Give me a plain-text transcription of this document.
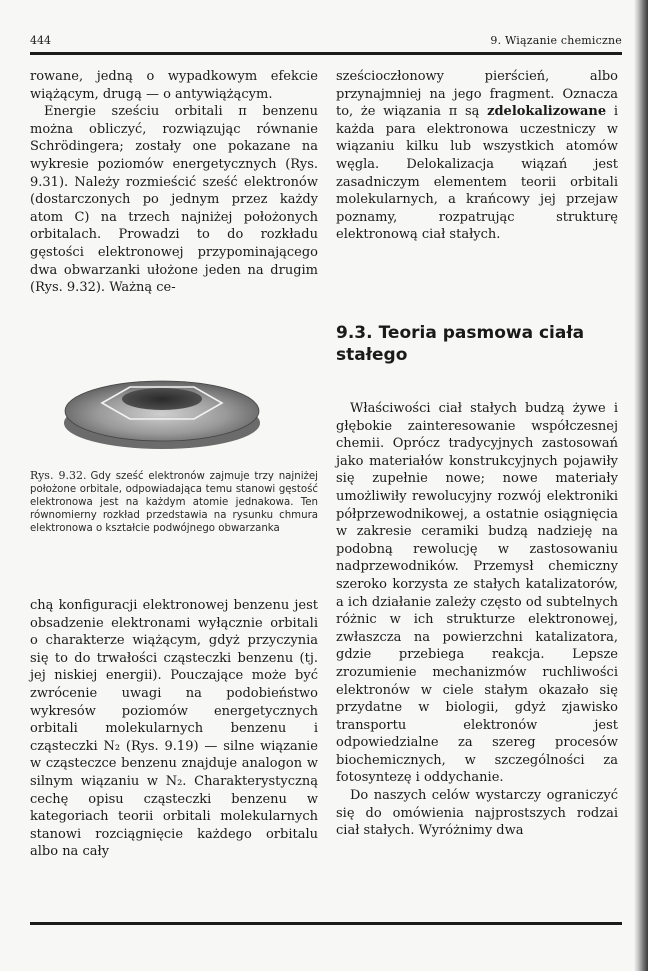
444	9. Wiązanie chemiczne

rowane, jedną o wypadkowym efekcie wiążącym, drugą — o antywiążącym.

Energie sześciu orbitali π benzenu można obliczyć, rozwiązując równanie Schrödingera; zostały one pokazane na wykresie poziomów energetycznych (Rys. 9.31). Należy rozmieścić sześć elektronów (dostarczonych po jednym przez każdy atom C) na trzech najniżej położonych orbitalach. Prowadzi to do rozkładu gęstości elektronowej przypominającego dwa obwarzanki ułożone jeden na drugim (Rys. 9.32). Ważną ce-

Rys. 9.32. Gdy sześć elektronów zajmuje trzy najniżej położone orbitale, odpowiadająca temu stanowi gęstość elektronowa jest na każdym atomie jednakowa. Ten równomierny rozkład przedstawia na rysunku chmura elektronowa o kształcie podwójnego obwarzanka

chą konfiguracji elektronowej benzenu jest obsadzenie elektronami wyłącznie orbitali o charakterze wiążącym, gdyż przyczynia się to do trwałości cząsteczki benzenu (tj. jej niskiej energii). Pouczające może być zwrócenie uwagi na podobieństwo wykresów poziomów energetycznych orbitali molekularnych benzenu i cząsteczki N₂ (Rys. 9.19) — silne wiązanie w cząsteczce benzenu znajduje analogon w silnym wiązaniu w N₂. Charakterystyczną cechę opisu cząsteczki benzenu w kategoriach teorii orbitali molekularnych stanowi rozciągnięcie każdego orbitalu albo na cały

sześcioczłonowy pierścień, albo przynajmniej na jego fragment. Oznacza to, że wiązania π są zdelokalizowane i każda para elektronowa uczestniczy w wiązaniu kilku lub wszystkich atomów węgla. Delokalizacja wiązań jest zasadniczym elementem teorii orbitali molekularnych, a krańcowy jej przejaw poznamy, rozpatrując strukturę elektronową ciał stałych.

9.3. Teoria pasmowa ciała stałego

Właściwości ciał stałych budzą żywe i głębokie zainteresowanie współczesnej chemii. Oprócz tradycyjnych zastosowań jako materiałów konstrukcyjnych pojawiły się zupełnie nowe; nowe materiały umożliwiły rewolucyjny rozwój elektroniki półprzewodnikowej, a ostatnie osiągnięcia w zakresie ceramiki budzą nadzieję na podobną rewolucję w zastosowaniu nadprzewodników. Przemysł chemiczny szeroko korzysta ze stałych katalizatorów, a ich działanie zależy często od subtelnych różnic w ich strukturze elektronowej, zwłaszcza na powierzchni katalizatora, gdzie przebiega reakcja. Lepsze zrozumienie mechanizmów ruchliwości elektronów w ciele stałym okazało się przydatne w biologii, gdyż zjawisko transportu elektronów jest odpowiedzialne za szereg procesów biochemicznych, w szczególności za fotosyntezę i oddychanie.

Do naszych celów wystarczy ograniczyć się do omówienia najprostszych rodzai ciał stałych. Wyróżnimy dwa
